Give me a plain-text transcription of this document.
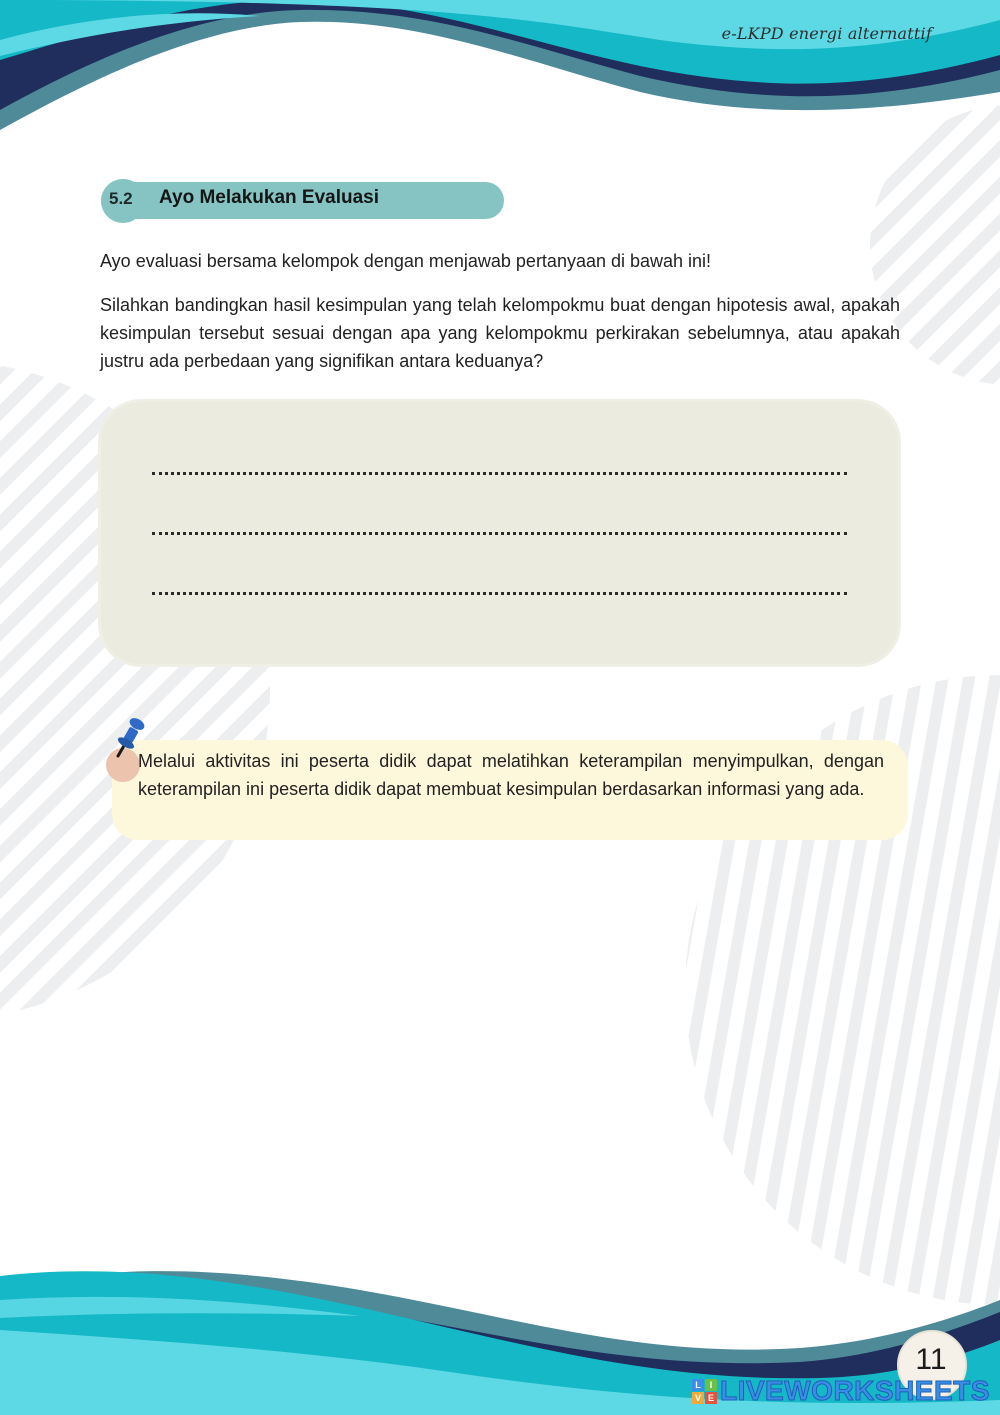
e-LKPD energi alternattif
5.2 Ayo Melakukan Evaluasi
Ayo evaluasi bersama kelompok dengan menjawab pertanyaan di bawah ini!
Silahkan bandingkan hasil kesimpulan yang telah kelompokmu buat dengan hipotesis awal, apakah kesimpulan tersebut sesuai dengan apa yang kelompokmu perkirakan sebelumnya, atau apakah justru ada perbedaan yang signifikan antara keduanya?
Melalui aktivitas ini peserta didik dapat melatihkan keterampilan menyimpulkan, dengan keterampilan ini peserta didik dapat membuat kesimpulan berdasarkan informasi yang ada.
11
L I
V E LIVEWORKSHEETS
